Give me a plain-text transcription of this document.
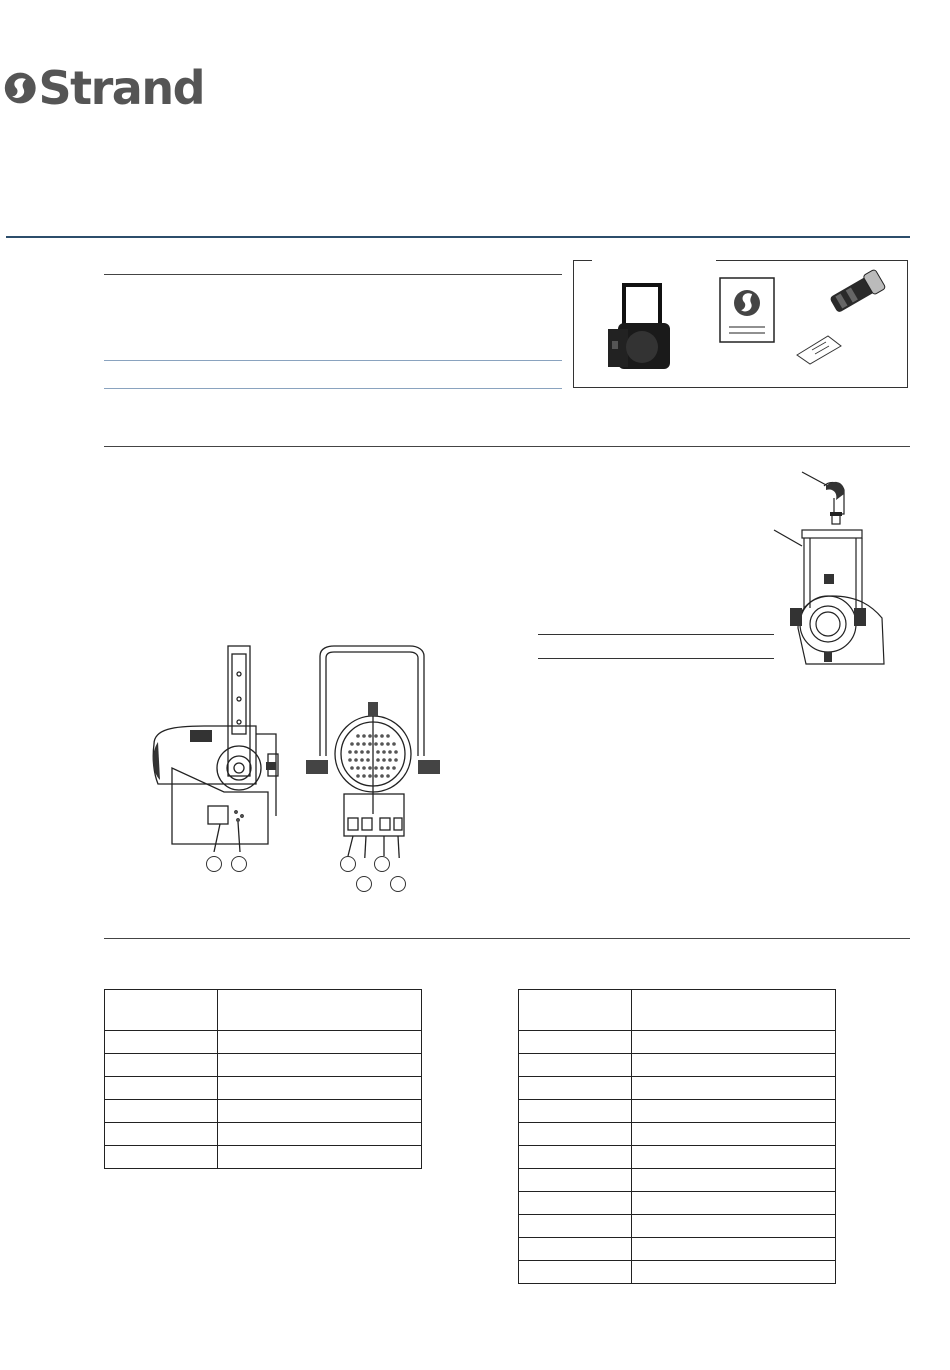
Strand
